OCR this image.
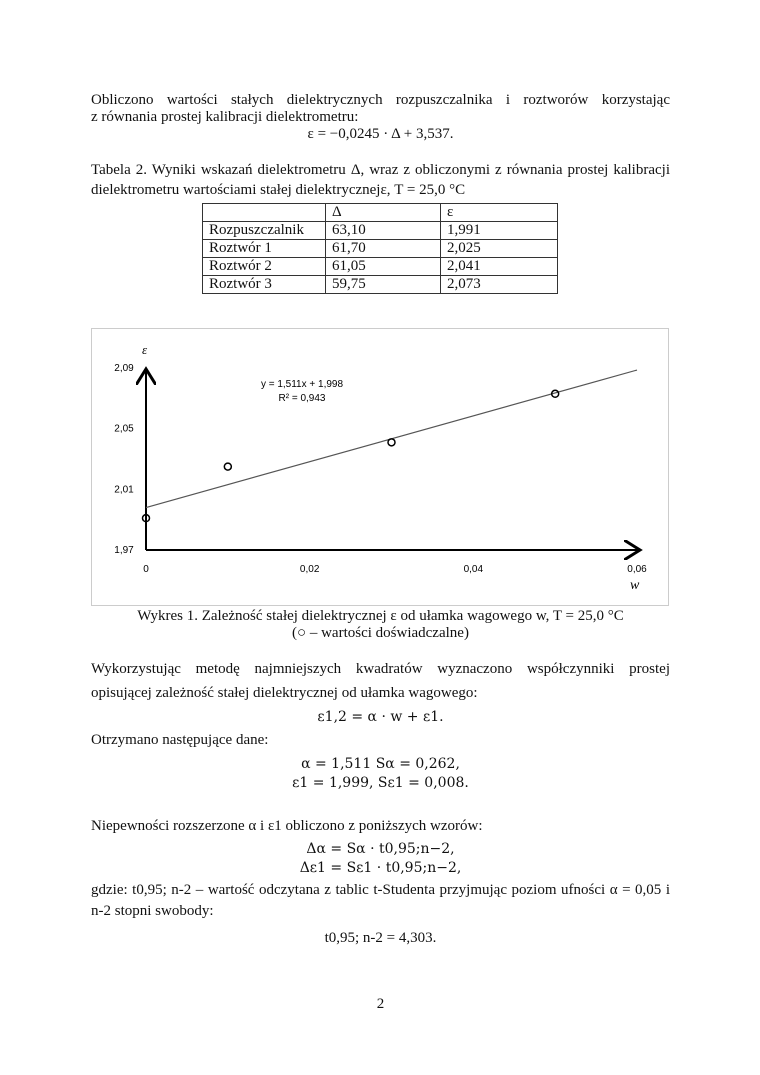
Obliczono wartości stałych dielektrycznych rozpuszczalnika i roztworów korzystając
z równania prostej kalibracji dielektrometru:
ε = −0,0245 · Δ + 3,537.
Tabela 2. Wyniki wskazań dielektrometru Δ, wraz z obliczonymi z równania prostej kalibracji
dielektrometru wartościami stałej dielektrycznejε, T = 25,0 °C
	Δ	ε
Rozpuszczalnik	63,10	1,991
Roztwór 1	61,70	2,025
Roztwór 2	61,05	2,041
Roztwór 3	59,75	2,073
ε
w
1,97
2,01
2,05
2,09
0	0,02	0,04	0,06
y = 1,511x + 1,998
R² = 0,943
Wykres 1. Zależność stałej dielektrycznej ε od ułamka wagowego w, T = 25,0 °C
(○ – wartości doświadczalne)
Wykorzystując metodę najmniejszych kwadratów wyznaczono współczynniki prostej
opisującej zależność stałej dielektrycznej od ułamka wagowego:
ε1,2 = α · w + ε1.
Otrzymano następujące dane:
α = 1,511 Sα = 0,262,
ε1 = 1,999, Sε1 = 0,008.
Niepewności rozszerzone α i ε1 obliczono z poniższych wzorów:
Δα = Sα · t0,95;n−2,
Δε1 = Sε1 · t0,95;n−2,
gdzie: t0,95; n-2 – wartość odczytana z tablic t-Studenta przyjmując poziom ufności α = 0,05 i
n-2 stopni swobody:
t0,95; n-2 = 4,303.
2
